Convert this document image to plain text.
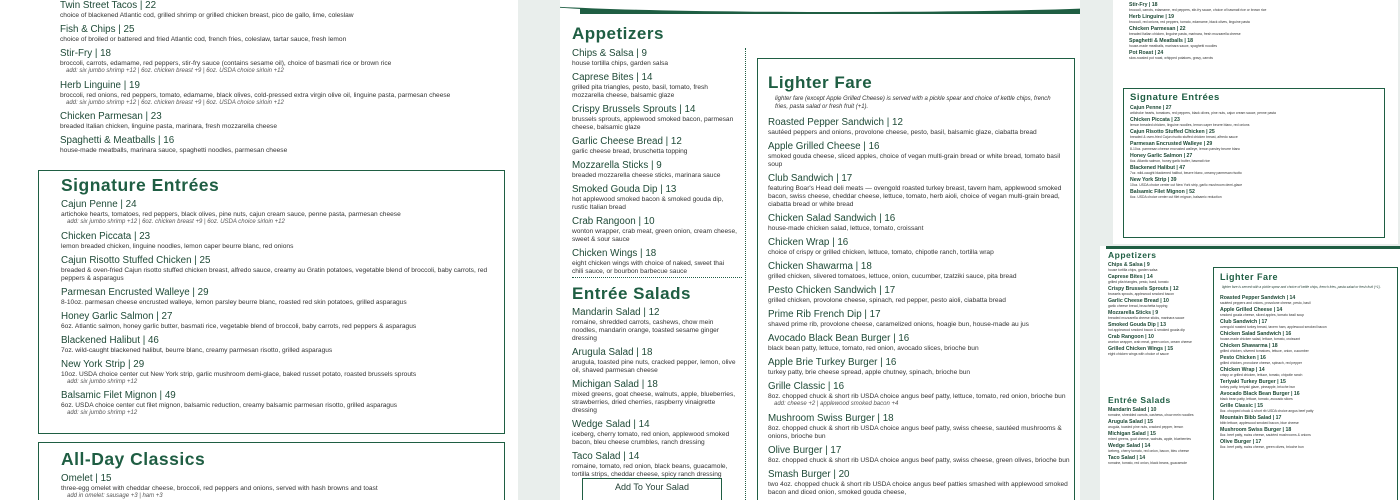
Twin Street Tacos | 22
choice of blackened Atlantic cod, grilled shrimp or grilled chicken breast, pico de gallo, lime, coleslaw
Fish & Chips | 25
choice of broiled or battered and fried Atlantic cod, french fries, coleslaw, tartar sauce, fresh lemon
Stir-Fry | 18
broccoli, carrots, edamame, red peppers, stir-fry sauce (contains sesame oil), choice of basmati rice or brown rice
add: six jumbo shrimp +12 | 6oz. chicken breast +9 | 6oz. USDA choice sirloin +12
Herb Linguine | 19
broccoli, red onions, red peppers, tomato, edamame, black olives, cold-pressed extra virgin olive oil, linguine pasta, parmesan cheese
add: six jumbo shrimp +12 | 6oz. chicken breast +9 | 6oz. USDA choice sirloin +12
Chicken Parmesan | 23
breaded Italian chicken, linguine pasta, marinara, fresh mozzarella cheese
Spaghetti & Meatballs | 16
house-made meatballs, marinara sauce, spaghetti noodles, parmesan cheese
Signature Entrées
Cajun Penne | 24
artichoke hearts, tomatoes, red peppers, black olives, pine nuts, cajun cream sauce, penne pasta, parmesan cheese
add: six jumbo shrimp +12 | 6oz. chicken breast +9 | 6oz. USDA choice sirloin +12
Chicken Piccata | 23
lemon breaded chicken, linguine noodles, lemon caper beurre blanc, red onions
Cajun Risotto Stuffed Chicken | 25
breaded & oven-fried Cajun risotto stuffed chicken breast, alfredo sauce, creamy au Gratin potatoes, vegetable blend of broccoli, baby carrots, red peppers & asparagus
Parmesan Encrusted Walleye | 29
8-10oz. parmesan cheese encrusted walleye, lemon parsley beurre blanc, roasted red skin potatoes, grilled asparagus
Honey Garlic Salmon | 27
6oz. Atlantic salmon, honey garlic butter, basmati rice, vegetable blend of broccoli, baby carrots, red peppers & asparagus
Blackened Halibut | 46
7oz. wild-caught blackened halibut, beurre blanc, creamy parmesan risotto, grilled asparagus
New York Strip | 29
10oz. USDA choice center cut New York strip, garlic mushroom demi-glace, baked russet potato, roasted brussels sprouts
add: six jumbo shrimp +12
Balsamic Filet Mignon | 49
6oz. USDA choice center cut filet mignon, balsamic reduction, creamy balsamic parmesan risotto, grilled asparagus
add: six jumbo shrimp +12
All-Day Classics
Omelet | 15
three-egg omelet with cheddar cheese, broccoli, red peppers and onions, served with hash browns and toast
add in omelet: sausage +3 | ham +3
Appetizers
Chips & Salsa | 9
house tortilla chips, garden salsa
Caprese Bites | 14
grilled pita triangles, pesto, basil, tomato, fresh mozzarella cheese, balsamic glaze
Crispy Brussels Sprouts | 14
brussels sprouts, applewood smoked bacon, parmesan cheese, balsamic glaze
Garlic Cheese Bread | 12
garlic cheese bread, bruschetta topping
Mozzarella Sticks | 9
breaded mozzarella cheese sticks, marinara sauce
Smoked Gouda Dip | 13
hot applewood smoked bacon & smoked gouda dip, rustic Italian bread
Crab Rangoon | 10
wonton wrapper, crab meat, green onion, cream cheese, sweet & sour sauce
Chicken Wings | 18
eight chicken wings with choice of naked, sweet thai chili sauce, or bourbon barbecue sauce
Entrée Salads
Mandarin Salad | 12
romaine, shredded carrots, cashews, chow mein noodles, mandarin orange, toasted sesame ginger dressing
Arugula Salad | 18
arugula, toasted pine nuts, cracked pepper, lemon, olive oil, shaved parmesan cheese
Michigan Salad | 18
mixed greens, goat cheese, walnuts, apple, blueberries, strawberries, dried cherries, raspberry vinaigrette dressing
Wedge Salad | 14
iceberg, cherry tomato, red onion, applewood smoked bacon, bleu cheese crumbles, ranch dressing
Taco Salad | 14
romaine, tomato, red onion, black beans, guacamole, tortilla strips, cheddar cheese, spicy ranch dressing
Add To Your Salad
Lighter Fare
lighter fare (except Apple Grilled Cheese) is served with a pickle spear and choice of kettle chips, french fries, pasta salad or fresh fruit (+1).
Roasted Pepper Sandwich | 12
sautéed peppers and onions, provolone cheese, pesto, basil, balsamic glaze, ciabatta bread
Apple Grilled Cheese | 16
smoked gouda cheese, sliced apples, choice of vegan multi-grain bread or white bread, tomato basil soup
Club Sandwich | 17
featuring Boar's Head deli meats — ovengold roasted turkey breast, tavern ham, applewood smoked bacon, swiss cheese, cheddar cheese, lettuce, tomato, herb aioli, choice of vegan multi-grain bread, ciabatta bread or white bread
Chicken Salad Sandwich | 16
house-made chicken salad, lettuce, tomato, croissant
Chicken Wrap | 16
choice of crispy or grilled chicken, lettuce, tomato, chipotle ranch, tortilla wrap
Chicken Shawarma | 18
grilled chicken, slivered tomatoes, lettuce, onion, cucumber, tzatziki sauce, pita bread
Pesto Chicken Sandwich | 17
grilled chicken, provolone cheese, spinach, red pepper, pesto aioli, ciabatta bread
Prime Rib French Dip | 17
shaved prime rib, provolone cheese, caramelized onions, hoagie bun, house-made au jus
Avocado Black Bean Burger | 16
black bean patty, lettuce, tomato, red onion, avocado slices, brioche bun
Apple Brie Turkey Burger | 16
turkey patty, brie cheese spread, apple chutney, spinach, brioche bun
Grille Classic | 16
8oz. chopped chuck & short rib USDA choice angus beef patty, lettuce, tomato, red onion, brioche bun
add: cheese +2 | applewood smoked bacon +4
Mushroom Swiss Burger | 18
8oz. chopped chuck & short rib USDA choice angus beef patty, swiss cheese, sautéed mushrooms & onions, brioche bun
Olive Burger | 17
8oz. chopped chuck & short rib USDA choice angus beef patty, swiss cheese, green olives, brioche bun
Smash Burger | 20
two 4oz. chopped chuck & short rib USDA choice angus beef patties smashed with applewood smoked bacon and diced onion, smoked gouda cheese,
Stir-Fry | 18
broccoli, carrots, edamame, red peppers, stir-fry sauce, choice of basmati rice or brown rice
Herb Linguine | 19
broccoli, red onions, red peppers, tomato, edamame, black olives, linguine pasta
Chicken Parmesan | 22
breaded Italian chicken, linguine pasta, marinara, fresh mozzarella cheese
Spaghetti & Meatballs | 18
house-made meatballs, marinara sauce, spaghetti noodles
Pot Roast | 24
slow-roasted pot roast, whipped potatoes, gravy, carrots
Signature Entrées
Cajun Penne | 27
artichoke hearts, tomatoes, red peppers, black olives, pine nuts, cajun cream sauce, penne pasta
Chicken Piccata | 23
lemon breaded chicken, linguine noodles, lemon caper beurre blanc, red onions
Cajun Risotto Stuffed Chicken | 25
breaded & oven-fried Cajun risotto stuffed chicken breast, alfredo sauce
Parmesan Encrusted Walleye | 29
8-10oz. parmesan cheese encrusted walleye, lemon parsley beurre blanc
Honey Garlic Salmon | 27
6oz. Atlantic salmon, honey garlic butter, basmati rice
Blackened Halibut | 47
7oz. wild-caught blackened halibut, beurre blanc, creamy parmesan risotto
New York Strip | 39
10oz. USDA choice center cut New York strip, garlic mushroom demi-glace
Balsamic Filet Mignon | 52
6oz. USDA choice center cut filet mignon, balsamic reduction
Appetizers
Chips & Salsa | 9
house tortilla chips, garden salsa
Caprese Bites | 14
grilled pita triangles, pesto, basil, tomato
Crispy Brussels Sprouts | 12
brussels sprouts, applewood smoked bacon
Garlic Cheese Bread | 10
garlic cheese bread, bruschetta topping
Mozzarella Sticks | 9
breaded mozzarella cheese sticks, marinara sauce
Smoked Gouda Dip | 13
hot applewood smoked bacon & smoked gouda dip
Crab Rangoon | 10
wonton wrapper, crab meat, green onion, cream cheese
Grilled Chicken Wings | 15
eight chicken wings with choice of sauce
Entrée Salads
Mandarin Salad | 10
romaine, shredded carrots, cashews, chow mein noodles
Arugula Salad | 15
arugula, toasted pine nuts, cracked pepper, lemon
Michigan Salad | 15
mixed greens, goat cheese, walnuts, apple, blueberries
Wedge Salad | 14
iceberg, cherry tomato, red onion, bacon, bleu cheese
Taco Salad | 14
romaine, tomato, red onion, black beans, guacamole
Lighter Fare
lighter fare is served with a pickle spear and choice of kettle chips, french fries, pasta salad or fresh fruit (+1).
Roasted Pepper Sandwich | 14
sautéed peppers and onions, provolone cheese, pesto, basil
Apple Grilled Cheese | 14
smoked gouda cheese, sliced apples, tomato basil soup
Club Sandwich | 17
ovengold roasted turkey breast, tavern ham, applewood smoked bacon
Chicken Salad Sandwich | 16
house-made chicken salad, lettuce, tomato, croissant
Chicken Shawarma | 18
grilled chicken, slivered tomatoes, lettuce, onion, cucumber
Pesto Chicken | 16
grilled chicken, provolone cheese, spinach, red pepper
Chicken Wrap | 14
crispy or grilled chicken, lettuce, tomato, chipotle ranch
Teriyaki Turkey Burger | 15
turkey patty, teriyaki glaze, pineapple, brioche bun
Avocado Black Bean Burger | 16
black bean patty, lettuce, tomato, avocado slices
Grille Classic | 15
8oz. chopped chuck & short rib USDA choice angus beef patty
Mountain Bibb Salad | 17
bibb lettuce, applewood smoked bacon, blue cheese
Mushroom Swiss Burger | 18
8oz. beef patty, swiss cheese, sautéed mushrooms & onions
Olive Burger | 17
8oz. beef patty, swiss cheese, green olives, brioche bun
